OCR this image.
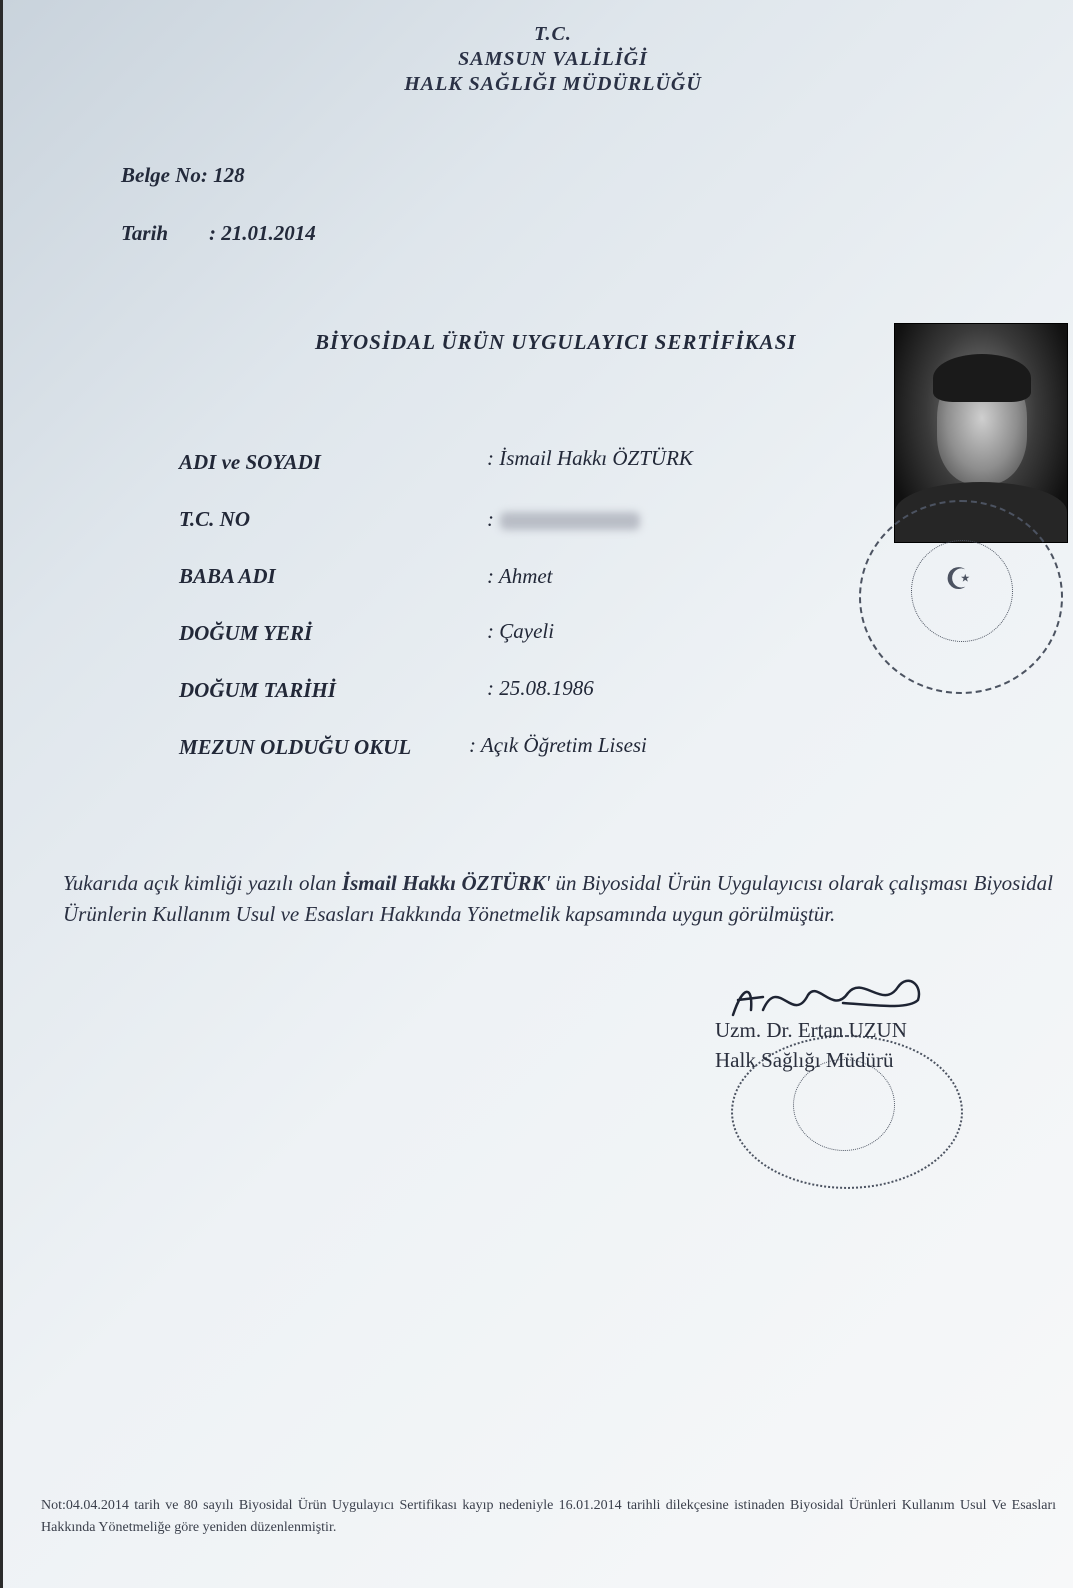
T.C.
SAMSUN VALİLİĞİ
HALK SAĞLIĞI MÜDÜRLÜĞÜ
Belge No: 128
Tarih : 21.01.2014
BİYOSİDAL ÜRÜN UYGULAYICI SERTİFİKASI
☪
ADI ve SOYADI	: İsmail Hakkı ÖZTÜRK
T.C. NO	:
BABA ADI	: Ahmet
DOĞUM YERİ	: Çayeli
DOĞUM TARİHİ	: 25.08.1986
MEZUN OLDUĞU OKUL	: Açık Öğretim Lisesi
Yukarıda açık kimliği yazılı olan İsmail Hakkı ÖZTÜRK' ün Biyosidal Ürün Uygulayıcısı olarak çalışması Biyosidal Ürünlerin Kullanım Usul ve Esasları Hakkında Yönetmelik kapsamında uygun görülmüştür.
Uzm. Dr. Ertan UZUN
Halk Sağlığı Müdürü
Not:04.04.2014 tarih ve 80 sayılı Biyosidal Ürün Uygulayıcı Sertifikası kayıp nedeniyle 16.01.2014 tarihli dilekçesine istinaden Biyosidal Ürünleri Kullanım Usul Ve Esasları Hakkında Yönetmeliğe göre yeniden düzenlenmiştir.
